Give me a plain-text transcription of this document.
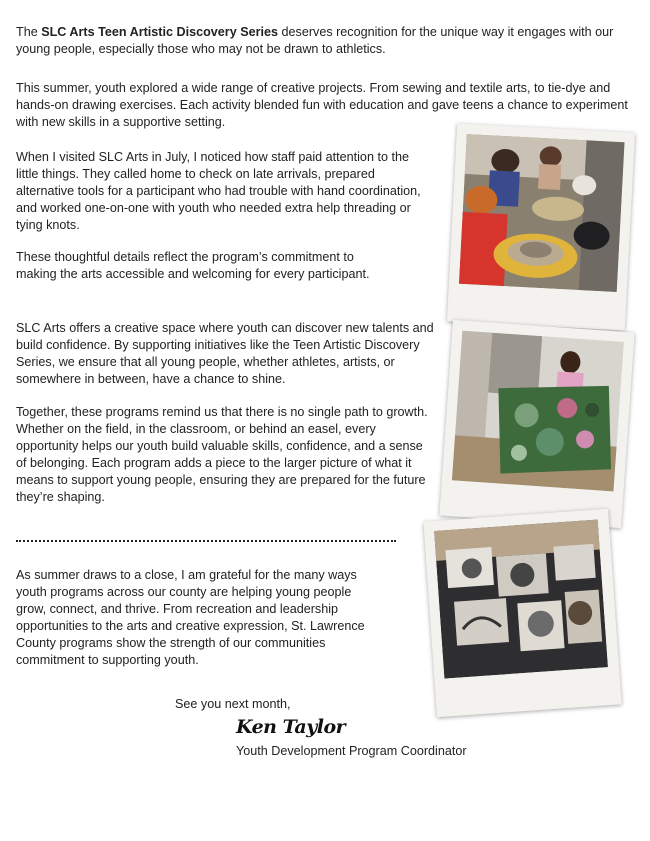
The SLC Arts Teen Artistic Discovery Series deserves recognition for the unique way it engages with our young people, especially those who may not be drawn to athletics.

This summer, youth explored a wide range of creative projects. From sewing and textile arts, to tie-dye and hands-on drawing exercises. Each activity blended fun with education and gave teens a chance to experiment with new skills in a supportive setting.

When I visited SLC Arts in July, I noticed how staff paid attention to the little things. They called home to check on late arrivals, prepared alternative tools for a participant who had trouble with hand coordination, and worked one-on-one with youth who needed extra help threading or tying knots.

These thoughtful details reflect the program’s commitment to making the arts accessible and welcoming for every participant.

SLC Arts offers a creative space where youth can discover new talents and build confidence. By supporting initiatives like the Teen Artistic Discovery Series, we ensure that all young people, whether athletes, artists, or somewhere in between, have a chance to shine.

Together, these programs remind us that there is no single path to growth. Whether on the field, in the classroom, or behind an easel, every opportunity helps our youth build valuable skills, confidence, and a sense of belonging. Each program adds a piece to the larger picture of what it means to support young people, ensuring they are prepared for the future they’re shaping.

As summer draws to a close, I am grateful for the many ways youth programs across our county are helping young people grow, connect, and thrive. From recreation and leadership opportunities to the arts and creative expression, St. Lawrence County programs show the strength of our communities commitment to supporting youth.

See you next month,
Ken Taylor
Youth Development Program Coordinator
